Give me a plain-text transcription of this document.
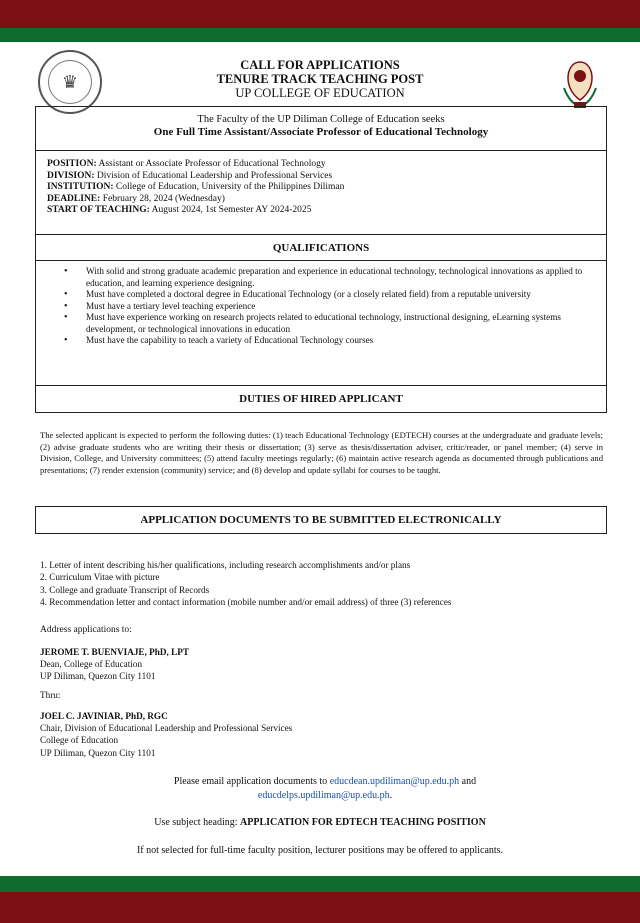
♛
CALL FOR APPLICATIONS
TENURE TRACK TEACHING POST
UP COLLEGE OF EDUCATION
The Faculty of the UP Diliman College of Education seeks
One Full Time Assistant/Associate Professor of Educational Technology
POSITION: Assistant or Associate Professor of Educational Technology
DIVISION: Division of Educational Leadership and Professional Services
INSTITUTION: College of Education, University of the Philippines Diliman
DEADLINE: February 28, 2024 (Wednesday)
START OF TEACHING: August 2024, 1st Semester AY 2024-2025
QUALIFICATIONS
• With solid and strong graduate academic preparation and experience in educational technology, technological innovations as applied to education, and learning experience designing.
• Must have completed a doctoral degree in Educational Technology (or a closely related field) from a reputable university
• Must have a tertiary level teaching experience
• Must have experience working on research projects related to educational technology, instructional designing, eLearning systems development, or technological innovations in education
• Must have the capability to teach a variety of Educational Technology courses
DUTIES OF HIRED APPLICANT
The selected applicant is expected to perform the following duties: (1) teach Educational Technology (EDTECH) courses at the undergraduate and graduate levels; (2) advise graduate students who are writing their thesis or dissertation; (3) serve as thesis/dissertation adviser, critic/reader, or panel member; (4) serve in Division, College, and University committees; (5) attend faculty meetings regularly; (6) maintain active research agenda as documented through publications and presentations; (7) render extension (community) service; and (8) develop and update syllabi for courses to be taught.
APPLICATION DOCUMENTS TO BE SUBMITTED ELECTRONICALLY
1. Letter of intent describing his/her qualifications, including research accomplishments and/or plans
2. Curriculum Vitae with picture
3. College and graduate Transcript of Records
4. Recommendation letter and contact information (mobile number and/or email address) of three (3) references
Address applications to:
JEROME T. BUENVIAJE, PhD, LPT
Dean, College of Education
UP Diliman, Quezon City 1101
Thru:
JOEL C. JAVINIAR, PhD, RGC
Chair, Division of Educational Leadership and Professional Services
College of Education
UP Diliman, Quezon City 1101
Please email application documents to educdean.updiliman@up.edu.ph and
educdelps.updiliman@up.edu.ph.
Use subject heading: APPLICATION FOR EDTECH TEACHING POSITION
If not selected for full-time faculty position, lecturer positions may be offered to applicants.
